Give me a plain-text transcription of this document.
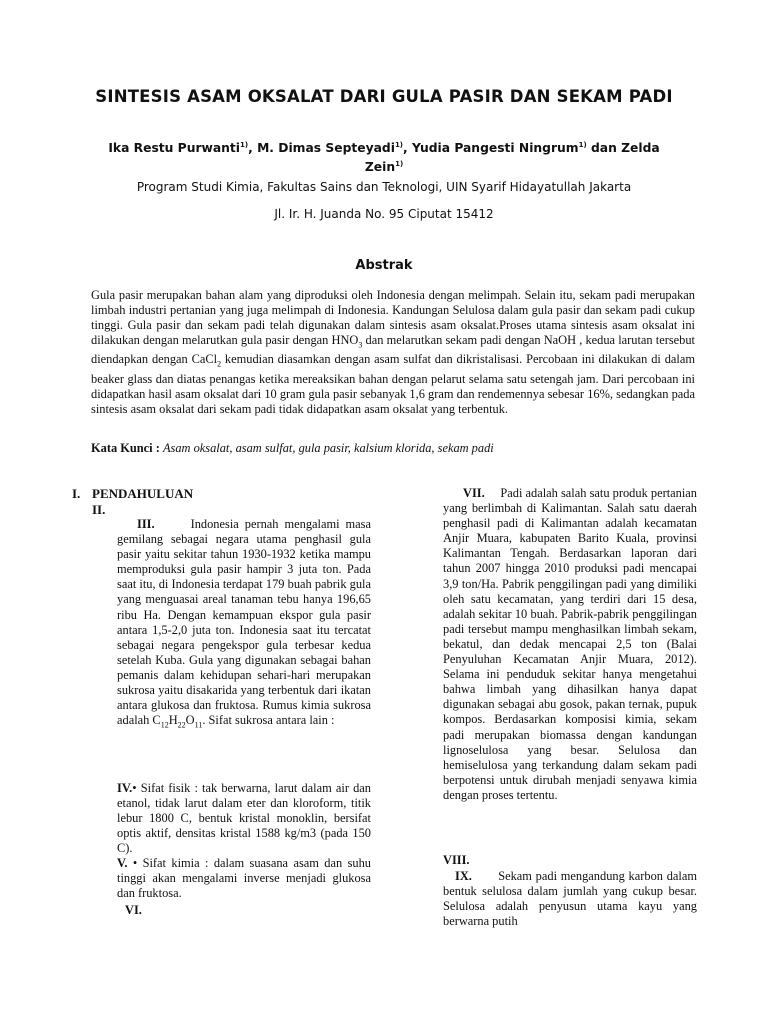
SINTESIS ASAM OKSALAT DARI GULA PASIR DAN SEKAM PADI
Ika Restu Purwanti$^{1)}$, M. Dimas Septeyadi$^{1)}$, Yudia Pangesti Ningrum$^{1)}$ dan Zelda Zein$^{1)}$
Program Studi Kimia, Fakultas Sains dan Teknologi, UIN Syarif Hidayatullah Jakarta
Jl. Ir. H. Juanda No. 95 Ciputat 15412
Abstrak
Gula pasir merupakan bahan alam yang diproduksi oleh Indonesia dengan melimpah. Selain itu, sekam padi merupakan limbah industri pertanian yang juga melimpah di Indonesia. Kandungan Selulosa dalam gula pasir dan sekam padi cukup tinggi. Gula pasir dan sekam padi telah digunakan dalam sintesis asam oksalat.Proses utama sintesis asam oksalat ini dilakukan dengan melarutkan gula pasir dengan $HNO_3$ dan melarutkan sekam padi dengan NaOH , kedua larutan tersebut diendapkan dengan CaCl$_2$ kemudian diasamkan dengan asam sulfat dan dikristalisasi. Percobaan ini dilakukan di dalam beaker glass dan diatas penangas ketika mereaksikan bahan dengan pelarut selama satu setengah jam. Dari percobaan ini didapatkan hasil asam oksalat dari 10 gram gula pasir sebanyak 1,6 gram dan rendemennya sebesar 16%, sedangkan pada sintesis asam oksalat dari sekam padi tidak didapatkan asam oksalat yang terbentuk.
Kata Kunci : Asam oksalat, asam sulfat, gula pasir, kalsium klorida, sekam padi
I. PENDAHULUAN
II.
III.	Indonesia pernah mengalami masa gemilang sebagai negara utama penghasil gula pasir yaitu sekitar tahun 1930-1932 ketika mampu memproduksi gula pasir hampir 3 juta ton. Pada saat itu, di Indonesia terdapat 179 buah pabrik gula yang menguasai areal tanaman tebu hanya 196,65 ribu Ha. Dengan kemampuan ekspor gula pasir antara 1,5-2,0 juta ton. Indonesia saat itu tercatat sebagai negara pengekspor gula terbesar kedua setelah Kuba. Gula yang digunakan sebagai bahan pemanis dalam kehidupan sehari-hari merupakan sukrosa yaitu disakarida yang terbentuk dari ikatan antara glukosa dan fruktosa. Rumus kimia sukrosa adalah $C_{12}H_{22}O_{11}$. Sifat sukrosa antara lain :
IV.• Sifat fisik : tak berwarna, larut dalam air dan etanol, tidak larut dalam eter dan kloroform, titik lebur 1800 C, bentuk kristal monoklin, bersifat optis aktif, densitas kristal 1588 kg/m3 (pada 150 C).
V. • Sifat kimia : dalam suasana asam dan suhu tinggi akan mengalami inverse menjadi glukosa dan fruktosa.
VI.
VII. Padi adalah salah satu produk pertanian yang berlimbah di Kalimantan. Salah satu daerah penghasil padi di Kalimantan adalah kecamatan Anjir Muara, kabupaten Barito Kuala, provinsi Kalimantan Tengah. Berdasarkan laporan dari tahun 2007 hingga 2010 produksi padi mencapai 3,9 ton/Ha. Pabrik penggilingan padi yang dimiliki oleh satu kecamatan, yang terdiri dari 15 desa, adalah sekitar 10 buah. Pabrik-pabrik penggilingan padi tersebut mampu menghasilkan limbah sekam, bekatul, dan dedak mencapai 2,5 ton (Balai Penyuluhan Kecamatan Anjir Muara, 2012). Selama ini penduduk sekitar hanya mengetahui bahwa limbah yang dihasilkan hanya dapat digunakan sebagai abu gosok, pakan ternak, pupuk kompos. Berdasarkan komposisi kimia, sekam padi merupakan biomassa dengan kandungan lignoselulosa yang besar. Selulosa dan hemiselulosa yang terkandung dalam sekam padi berpotensi untuk dirubah menjadi senyawa kimia dengan proses tertentu.
VIII.
IX. Sekam padi mengandung karbon dalam bentuk selulosa dalam jumlah yang cukup besar. Selulosa adalah penyusun utama kayu yang berwarna putih
